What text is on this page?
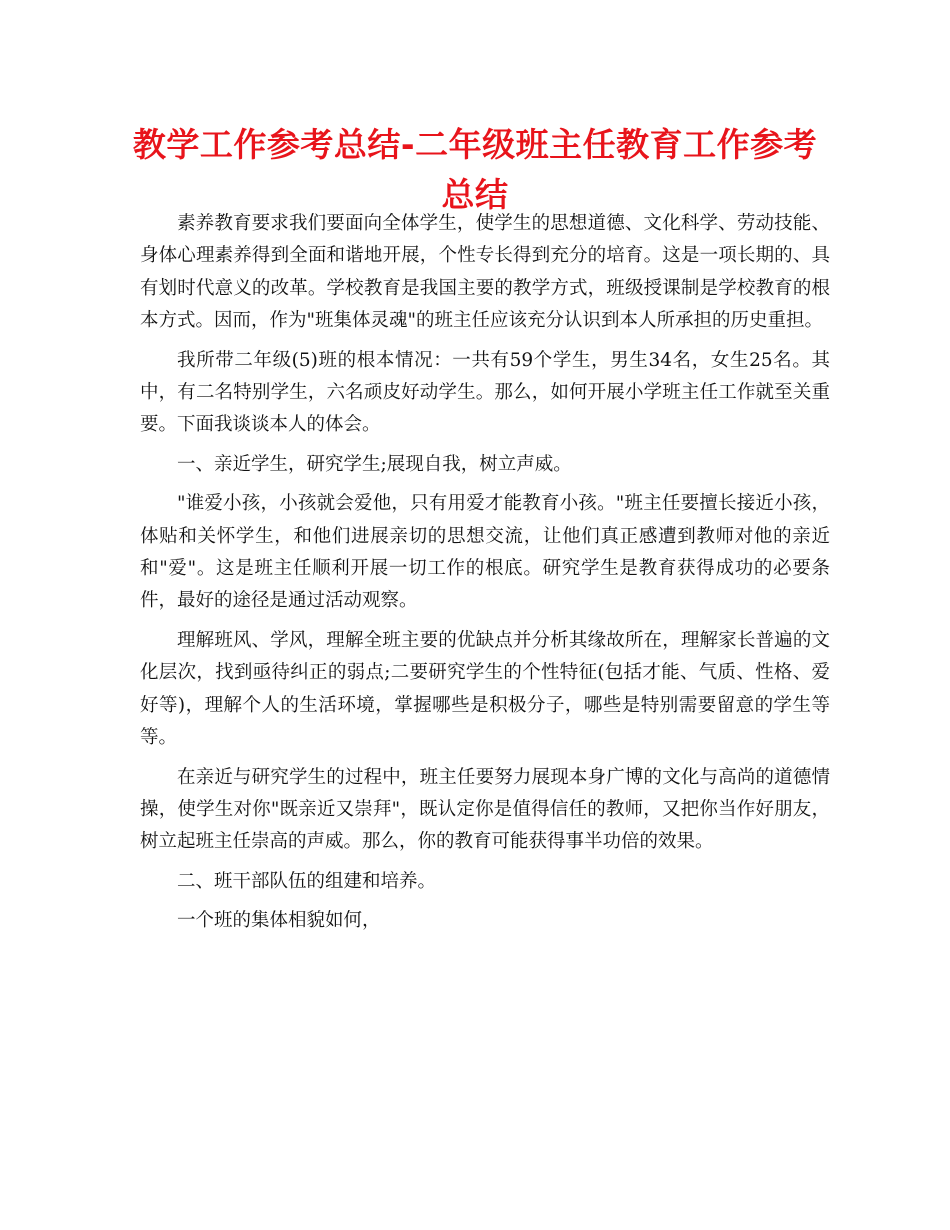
教学工作参考总结-二年级班主任教育工作参考总结

素养教育要求我们要面向全体学生，使学生的思想道德、文化科学、劳动技能、身体心理素养得到全面和谐地开展，个性专长得到充分的培育。这是一项长期的、具有划时代意义的改革。学校教育是我国主要的教学方式，班级授课制是学校教育的根本方式。因而，作为"班集体灵魂"的班主任应该充分认识到本人所承担的历史重担。

我所带二年级(5)班的根本情况：一共有59个学生，男生34名，女生25名。其中，有二名特别学生，六名顽皮好动学生。那么，如何开展小学班主任工作就至关重要。下面我谈谈本人的体会。

一、亲近学生，研究学生;展现自我，树立声威。

"谁爱小孩，小孩就会爱他，只有用爱才能教育小孩。"班主任要擅长接近小孩，体贴和关怀学生，和他们进展亲切的思想交流，让他们真正感遭到教师对他的亲近和"爱"。这是班主任顺利开展一切工作的根底。研究学生是教育获得成功的必要条件，最好的途径是通过活动观察。

理解班风、学风，理解全班主要的优缺点并分析其缘故所在，理解家长普遍的文化层次，找到亟待纠正的弱点;二要研究学生的个性特征(包括才能、气质、性格、爱好等)，理解个人的生活环境，掌握哪些是积极分子，哪些是特别需要留意的学生等等。

在亲近与研究学生的过程中，班主任要努力展现本身广博的文化与高尚的道德情操，使学生对你"既亲近又崇拜"，既认定你是值得信任的教师，又把你当作好朋友，树立起班主任崇高的声威。那么，你的教育可能获得事半功倍的效果。

二、班干部队伍的组建和培养。

一个班的集体相貌如何，
